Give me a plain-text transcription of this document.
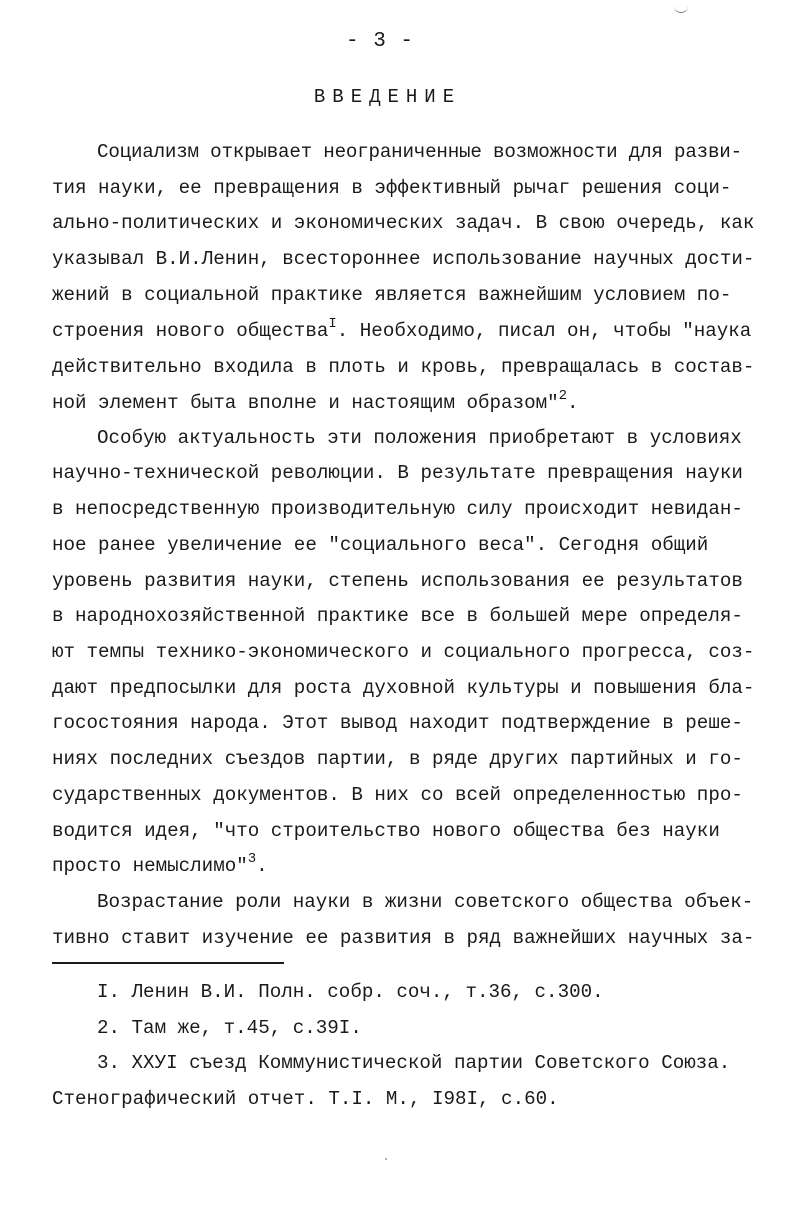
- 3 -
ВВЕДЕНИЕ
Социализм открывает неограниченные возможности для разви-
тия науки, ее превращения в эффективный рычаг решения соци-
ально-политических и экономических задач. В свою очередь, как
указывал В.И.Ленин, всестороннее использование научных дости-
жений в социальной практике является важнейшим условием по-
строения нового общества$^I$. Необходимо, писал он, чтобы "наука
действительно входила в плоть и кровь, превращалась в состав-
ной элемент быта вполне и настоящим образом"$^2$.
Особую актуальность эти положения приобретают в условиях
научно-технической революции. В результате превращения науки
в непосредственную производительную силу происходит невидан-
ное ранее увеличение ее "социального веса". Сегодня общий
уровень развития науки, степень использования ее результатов
в народнохозяйственной практике все в большей мере определя-
ют темпы технико-экономического и социального прогресса, соз-
дают предпосылки для роста духовной культуры и повышения бла-
госостояния народа. Этот вывод находит подтверждение в реше-
ниях последних съездов партии, в ряде других партийных и го-
сударственных документов. В них со всей определенностью про-
водится идея, "что строительство нового общества без науки
просто немыслимо"$^3$.
Возрастание роли науки в жизни советского общества объек-
тивно ставит изучение ее развития в ряд важнейших научных за-
I. Ленин В.И. Полн. собр. соч., т.36, с.300.
2. Там же, т.45, с.39I.
3. ХХУI съезд Коммунистической партии Советского Союза.
Стенографический отчет. Т.I. М., I98I, с.60.
